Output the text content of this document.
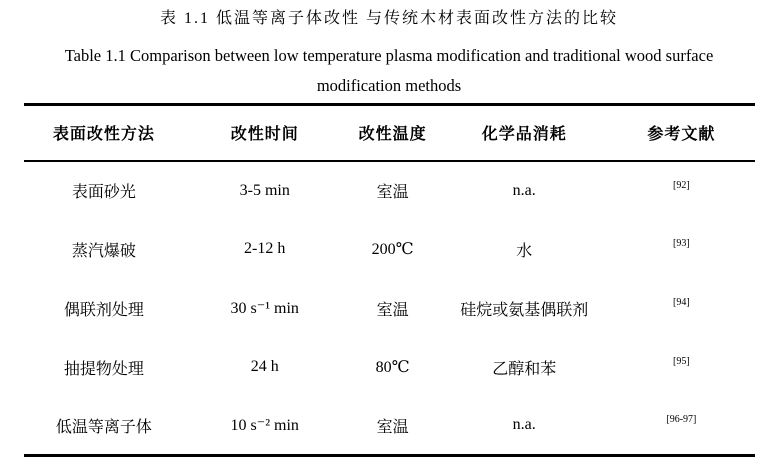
表 1.1 低温等离子体改性 与传统木材表面改性方法的比较
Table 1.1 Comparison between low temperature plasma modification and traditional wood surface
modification methods
表面改性方法	改性时间	改性温度	化学品消耗	参考文献
表面砂光	3-5 min	室温	n.a.	[92]
蒸汽爆破	2-12 h	200℃	水	[93]
偶联剂处理	30 s⁻¹ min	室温	硅烷或氨基偶联剂	[94]
抽提物处理	24 h	80℃	乙醇和苯	[95]
低温等离子体	10 s⁻² min	室温	n.a.	[96-97]
